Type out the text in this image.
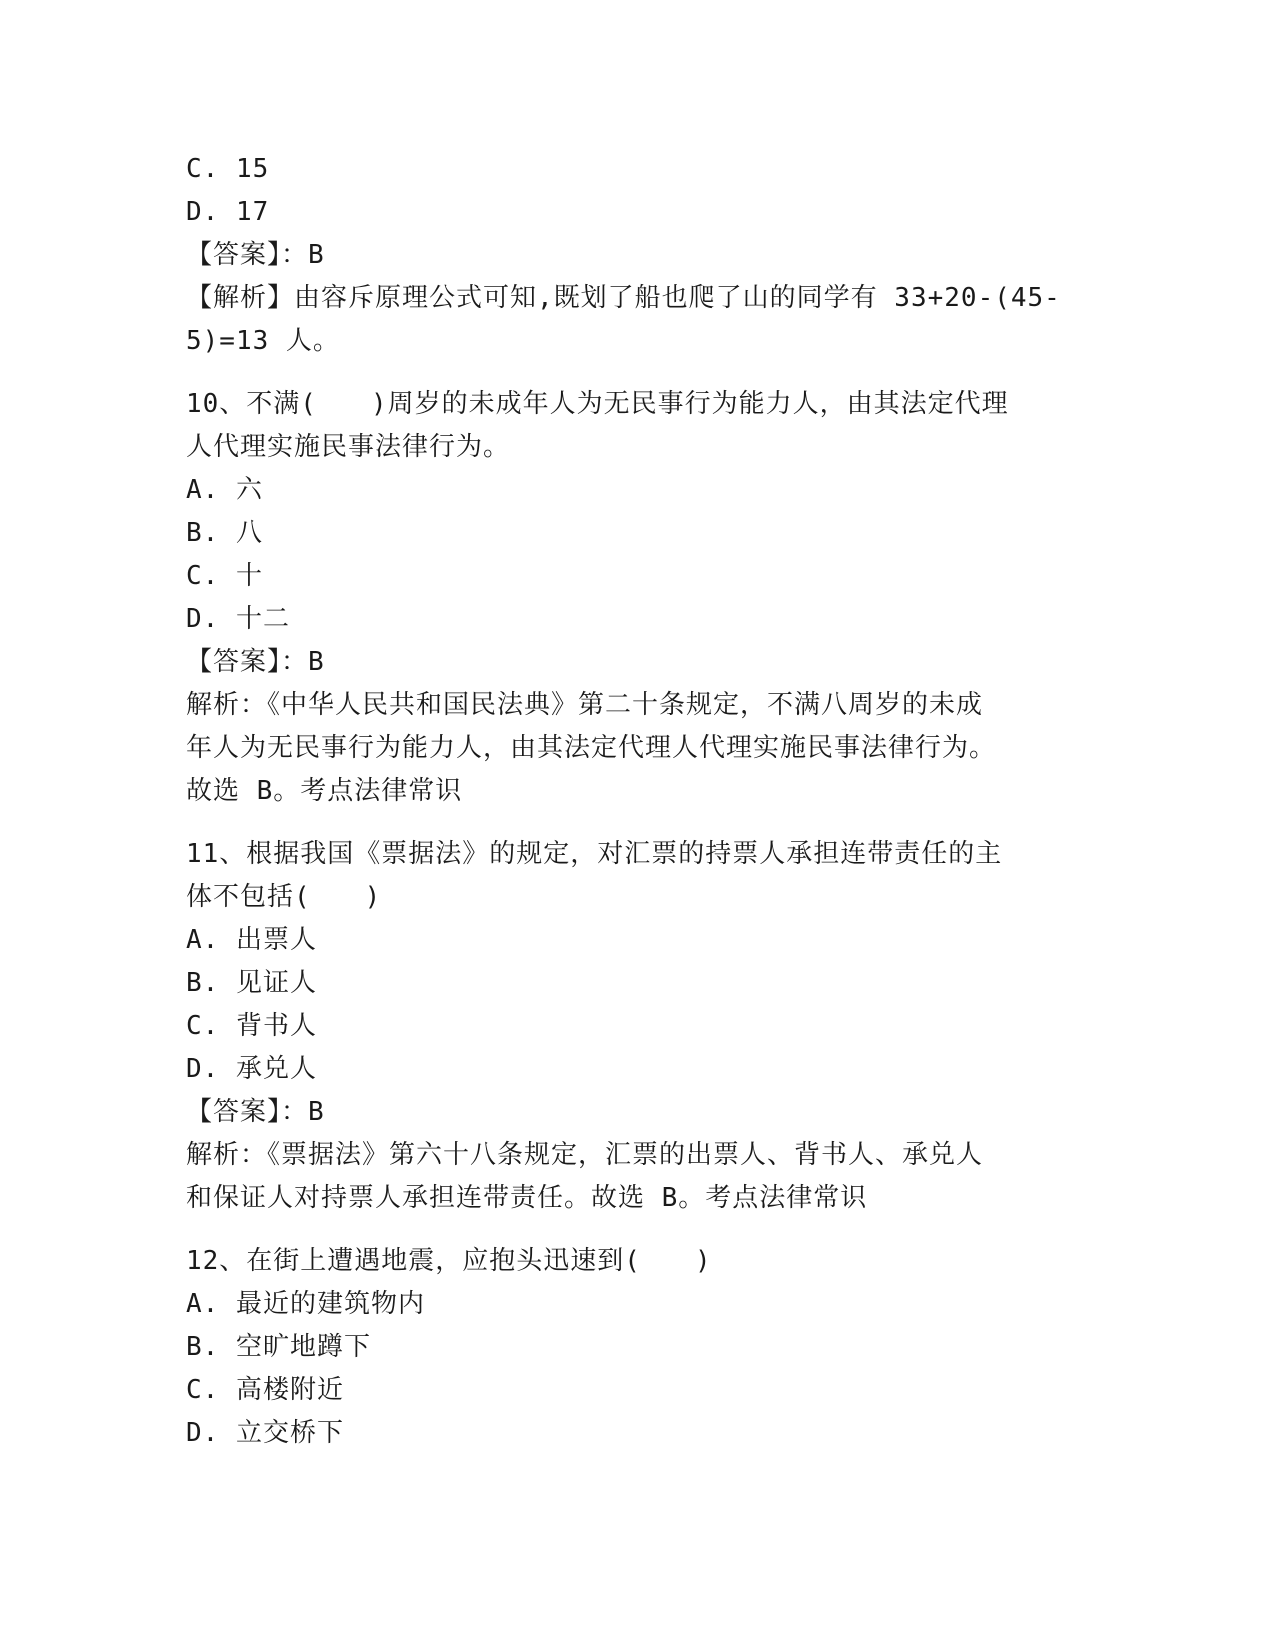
C. 15
D. 17
【答案】：B
【解析】由容斥原理公式可知,既划了船也爬了山的同学有 33+20-(45-
5)=13 人。
10、不满(　　)周岁的未成年人为无民事行为能力人，由其法定代理
人代理实施民事法律行为。
A. 六
B. 八
C. 十
D. 十二
【答案】：B
解析：《中华人民共和国民法典》第二十条规定，不满八周岁的未成
年人为无民事行为能力人，由其法定代理人代理实施民事法律行为。
故选 B。考点法律常识
11、根据我国《票据法》的规定，对汇票的持票人承担连带责任的主
体不包括(　　)
A. 出票人
B. 见证人
C. 背书人
D. 承兑人
【答案】：B
解析：《票据法》第六十八条规定，汇票的出票人、背书人、承兑人
和保证人对持票人承担连带责任。故选 B。考点法律常识
12、在街上遭遇地震，应抱头迅速到(　　)
A. 最近的建筑物内
B. 空旷地蹲下
C. 高楼附近
D. 立交桥下
